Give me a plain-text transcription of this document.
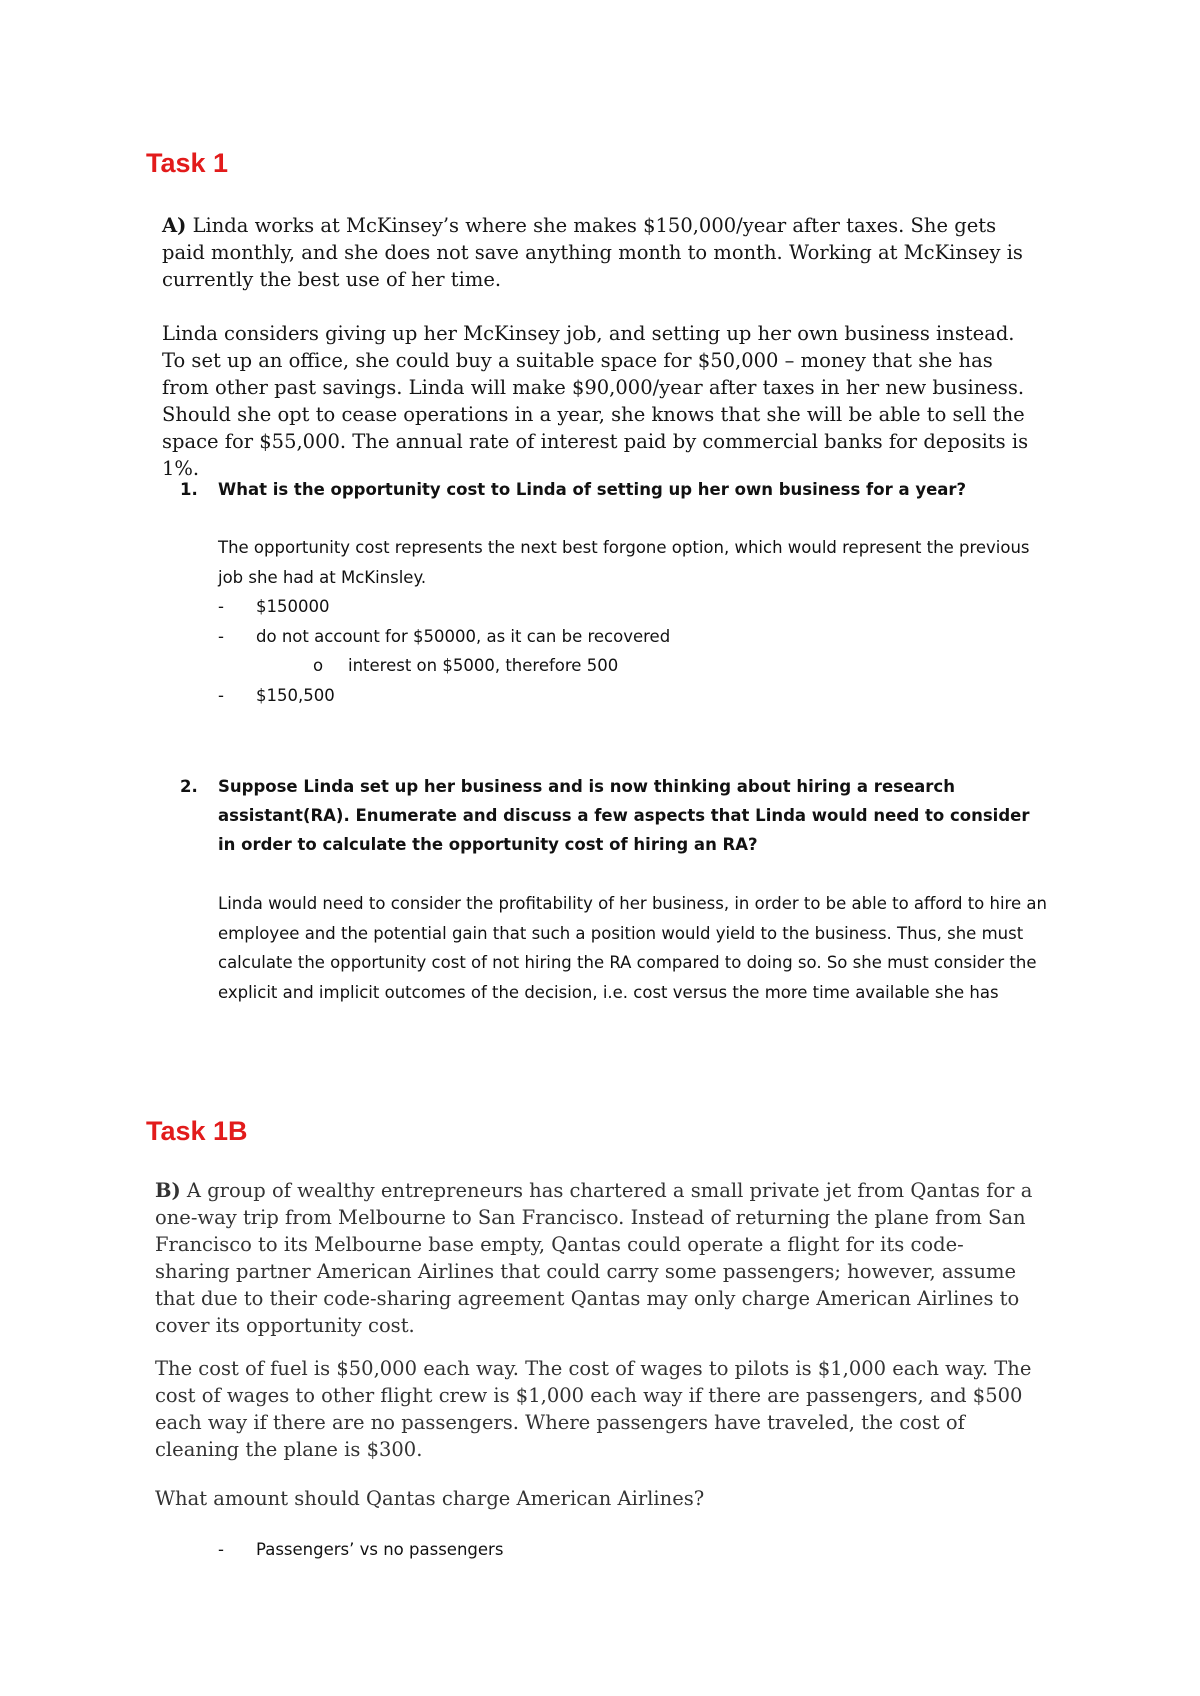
Task 1

A) Linda works at McKinsey’s where she makes $150,000/year after taxes. She gets paid monthly, and she does not save anything month to month. Working at McKinsey is currently the best use of her time.

Linda considers giving up her McKinsey job, and setting up her own business instead. To set up an office, she could buy a suitable space for $50,000 – money that she has from other past savings. Linda will make $90,000/year after taxes in her new business. Should she opt to cease operations in a year, she knows that she will be able to sell the space for $55,000. The annual rate of interest paid by commercial banks for deposits is 1%.

1. What is the opportunity cost to Linda of setting up her own business for a year?

The opportunity cost represents the next best forgone option, which would represent the previous job she had at McKinsley.

- $150000
- do not account for $50000, as it can be recovered
o interest on $5000, therefore 500
- $150,500

2. Suppose Linda set up her business and is now thinking about hiring a research assistant(RA). Enumerate and discuss a few aspects that Linda would need to consider in order to calculate the opportunity cost of hiring an RA?

Linda would need to consider the profitability of her business, in order to be able to afford to hire an employee and the potential gain that such a position would yield to the business. Thus, she must calculate the opportunity cost of not hiring the RA compared to doing so. So she must consider the explicit and implicit outcomes of the decision, i.e. cost versus the more time available she has

Task 1B

B) A group of wealthy entrepreneurs has chartered a small private jet from Qantas for a one-way trip from Melbourne to San Francisco. Instead of returning the plane from San Francisco to its Melbourne base empty, Qantas could operate a flight for its code-sharing partner American Airlines that could carry some passengers; however, assume that due to their code-sharing agreement Qantas may only charge American Airlines to cover its opportunity cost.

The cost of fuel is $50,000 each way. The cost of wages to pilots is $1,000 each way. The cost of wages to other flight crew is $1,000 each way if there are passengers, and $500 each way if there are no passengers. Where passengers have traveled, the cost of cleaning the plane is $300.

What amount should Qantas charge American Airlines?

- Passengers’ vs no passengers
